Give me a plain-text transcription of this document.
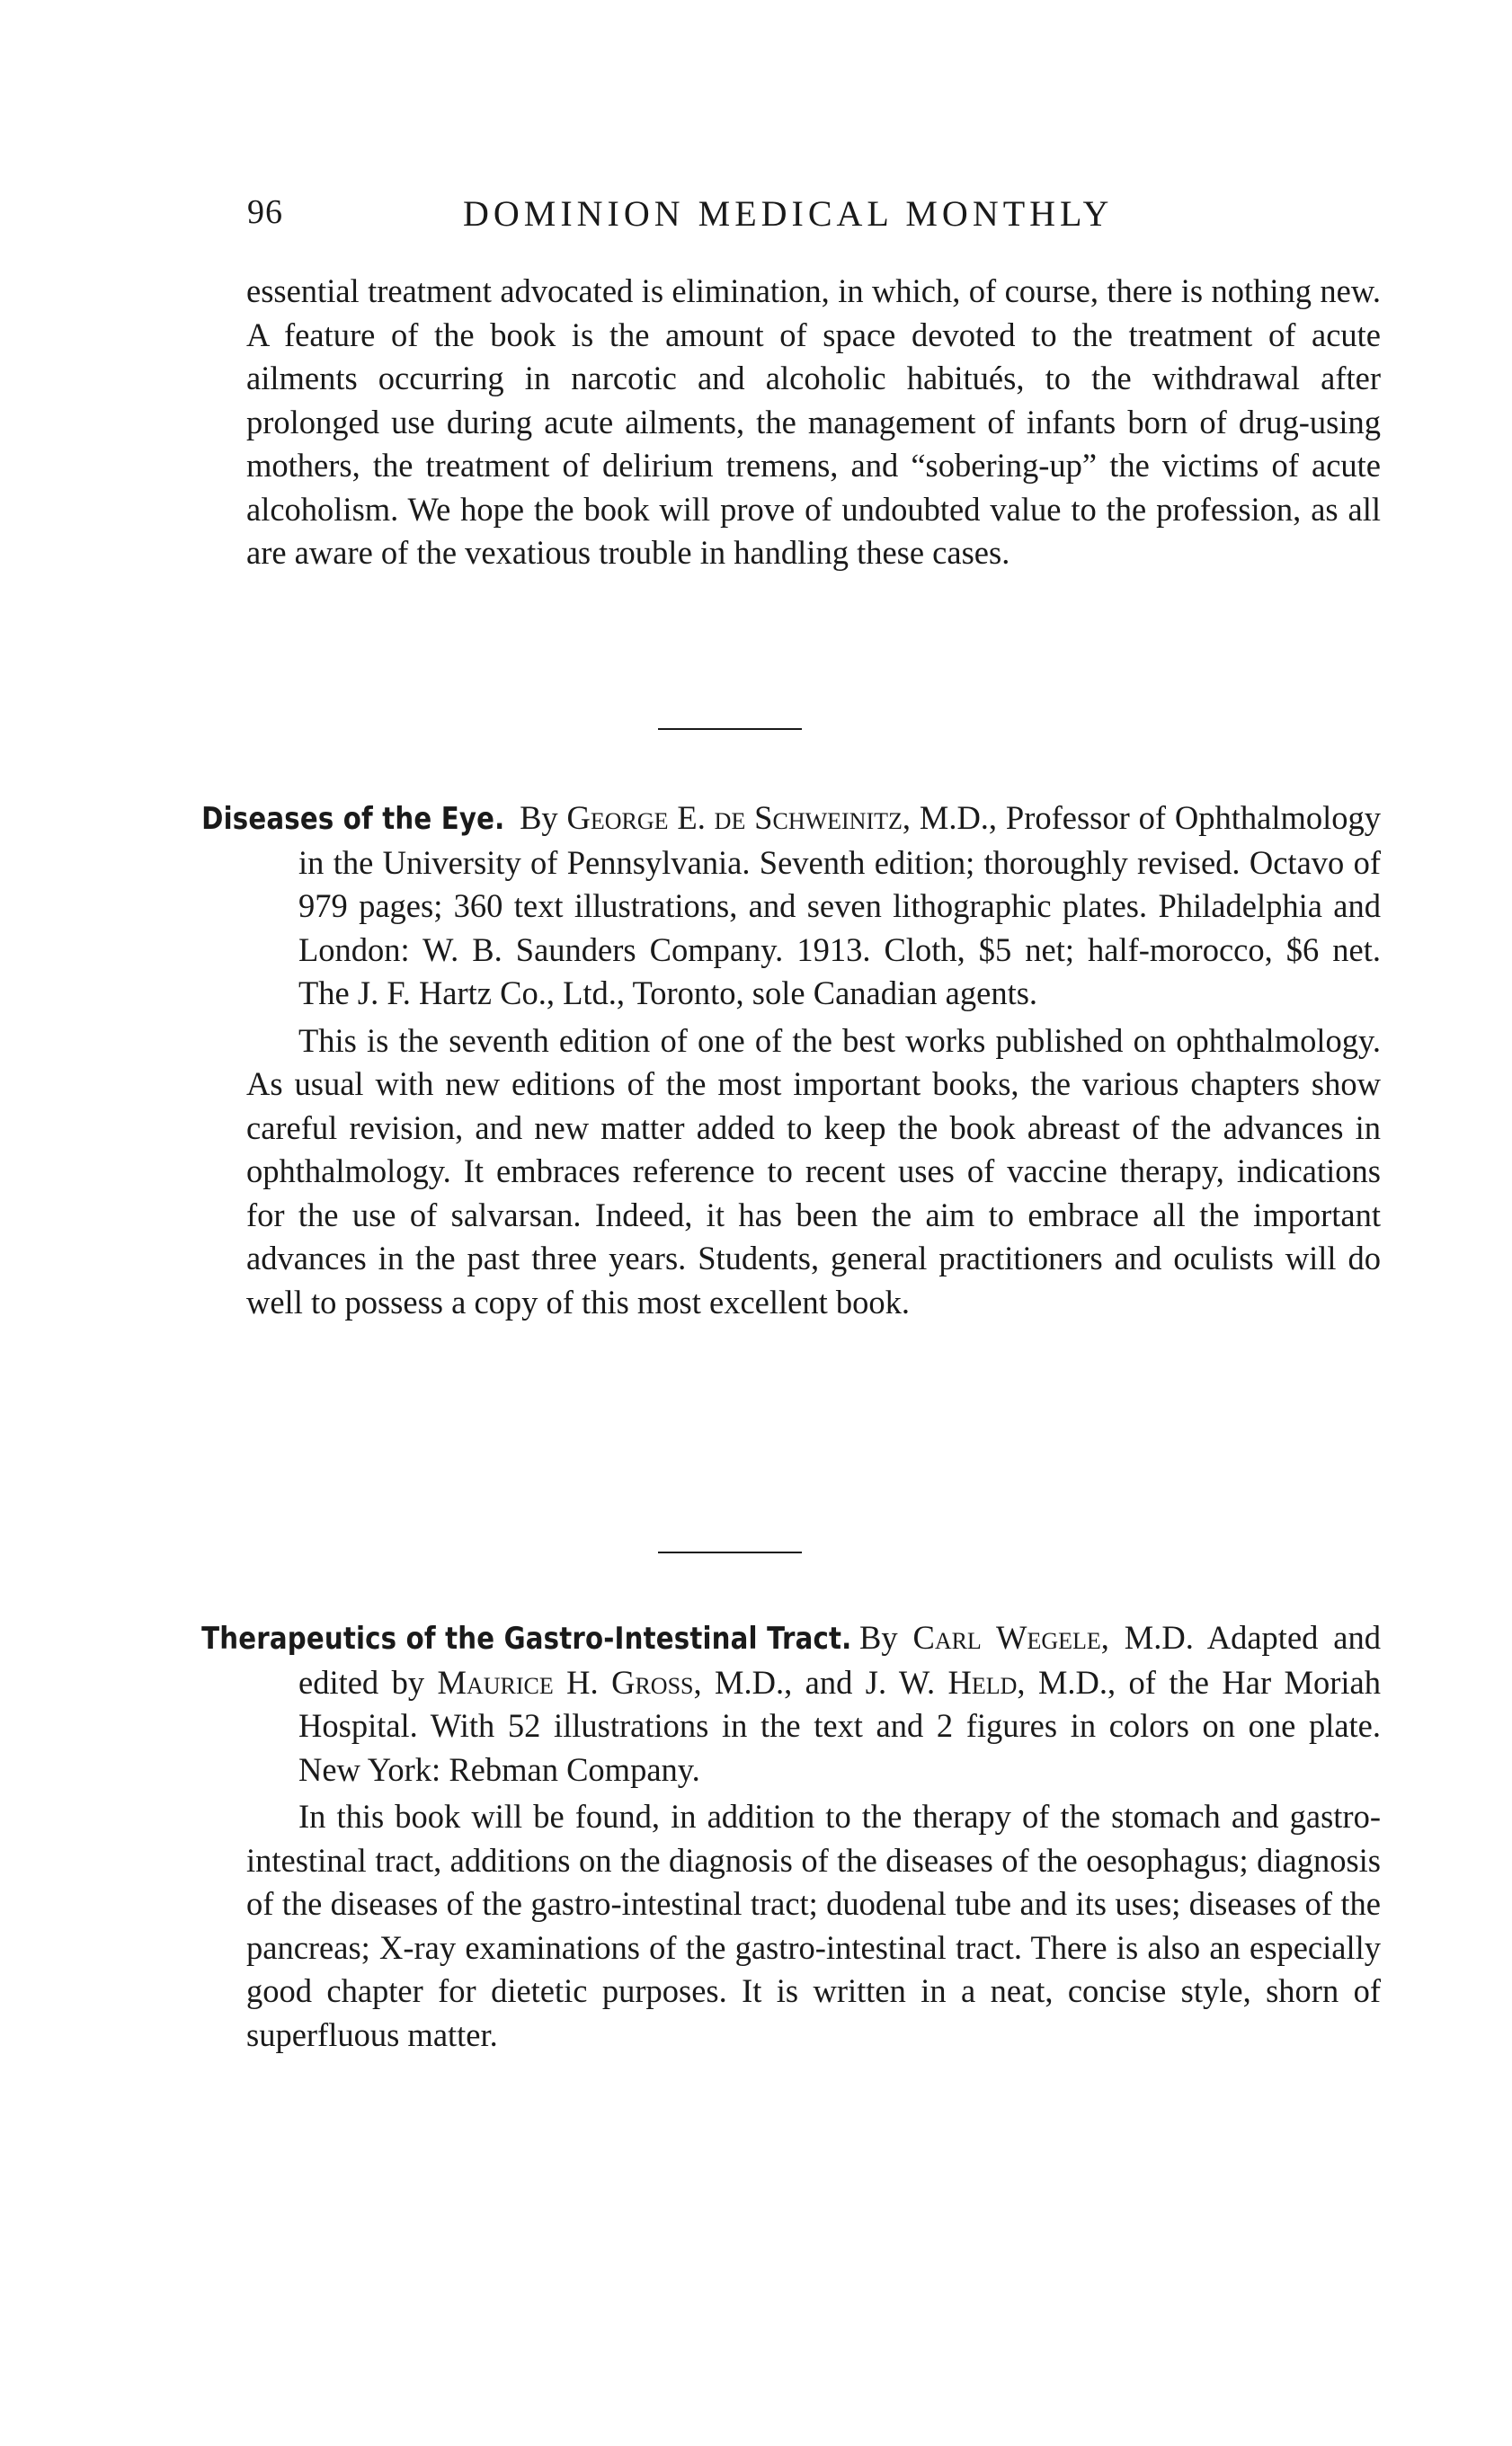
96	DOMINION MEDICAL MONTHLY

essential treatment advocated is elimination, in which, of course, there is nothing new. A feature of the book is the amount of space devoted to the treatment of acute ailments occurring in narcotic and alcoholic habitués, to the withdrawal after prolonged use during acute ailments, the management of infants born of drug-using mothers, the treatment of delirium tremens, and “sobering-up” the victims of acute alcoholism. We hope the book will prove of undoubted value to the profession, as all are aware of the vexatious trouble in handling these cases.

Diseases of the Eye. By George E. de Schweinitz, M.D., Professor of Ophthalmology in the University of Pennsylvania. Seventh edition; thoroughly revised. Octavo of 979 pages; 360 text illustrations, and seven lithographic plates. Philadelphia and London: W. B. Saunders Company. 1913. Cloth, $5 net; half-morocco, $6 net. The J. F. Hartz Co., Ltd., Toronto, sole Canadian agents.

This is the seventh edition of one of the best works published on ophthalmology. As usual with new editions of the most important books, the various chapters show careful revision, and new matter added to keep the book abreast of the advances in ophthalmology. It embraces reference to recent uses of vaccine therapy, indications for the use of salvarsan. Indeed, it has been the aim to embrace all the important advances in the past three years. Students, general practitioners and oculists will do well to possess a copy of this most excellent book.

Therapeutics of the Gastro-Intestinal Tract. By Carl Wegele, M.D. Adapted and edited by Maurice H. Gross, M.D., and J. W. Held, M.D., of the Har Moriah Hospital. With 52 illustrations in the text and 2 figures in colors on one plate. New York: Rebman Company.

In this book will be found, in addition to the therapy of the stomach and gastro-intestinal tract, additions on the diagnosis of the diseases of the oesophagus; diagnosis of the diseases of the gastro-intestinal tract; duodenal tube and its uses; diseases of the pancreas; X-ray examinations of the gastro-intestinal tract. There is also an especially good chapter for dietetic purposes. It is written in a neat, concise style, shorn of superfluous matter.
